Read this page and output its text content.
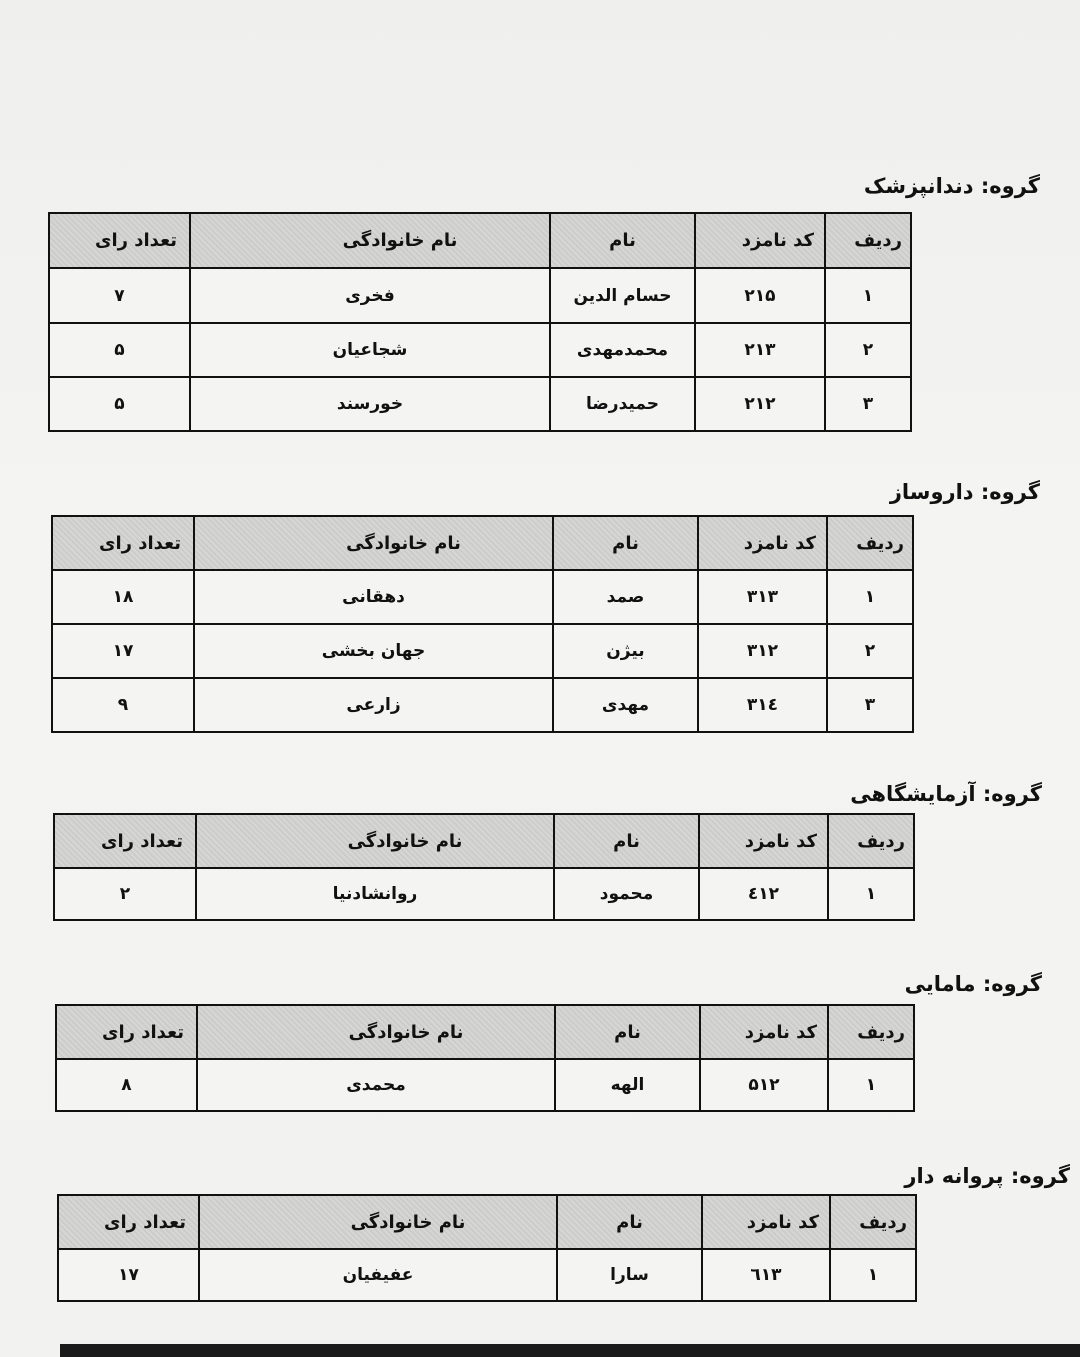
گروه: دندانپزشک
ردیف	کد نامزد	نام	نام خانوادگی	تعداد رای
۱	۲۱۵	حسام الدین	فخری	۷
۲	۲۱۳	محمدمهدی	شجاعیان	۵
۳	۲۱۲	حمیدرضا	خورسند	۵
گروه: داروساز
ردیف	کد نامزد	نام	نام خانوادگی	تعداد رای
۱	۳۱۳	صمد	دهقانی	۱۸
۲	۳۱۲	بیژن	جهان بخشی	۱۷
۳	۳۱٤	مهدی	زارعی	۹
گروه: آزمایشگاهی
ردیف	کد نامزد	نام	نام خانوادگی	تعداد رای
۱	٤۱۲	محمود	روانشادنیا	۲
گروه: مامایی
ردیف	کد نامزد	نام	نام خانوادگی	تعداد رای
۱	۵۱۲	الهه	محمدی	۸
گروه: پروانه دار
ردیف	کد نامزد	نام	نام خانوادگی	تعداد رای
۱	٦۱۳	سارا	عفیفیان	۱۷
